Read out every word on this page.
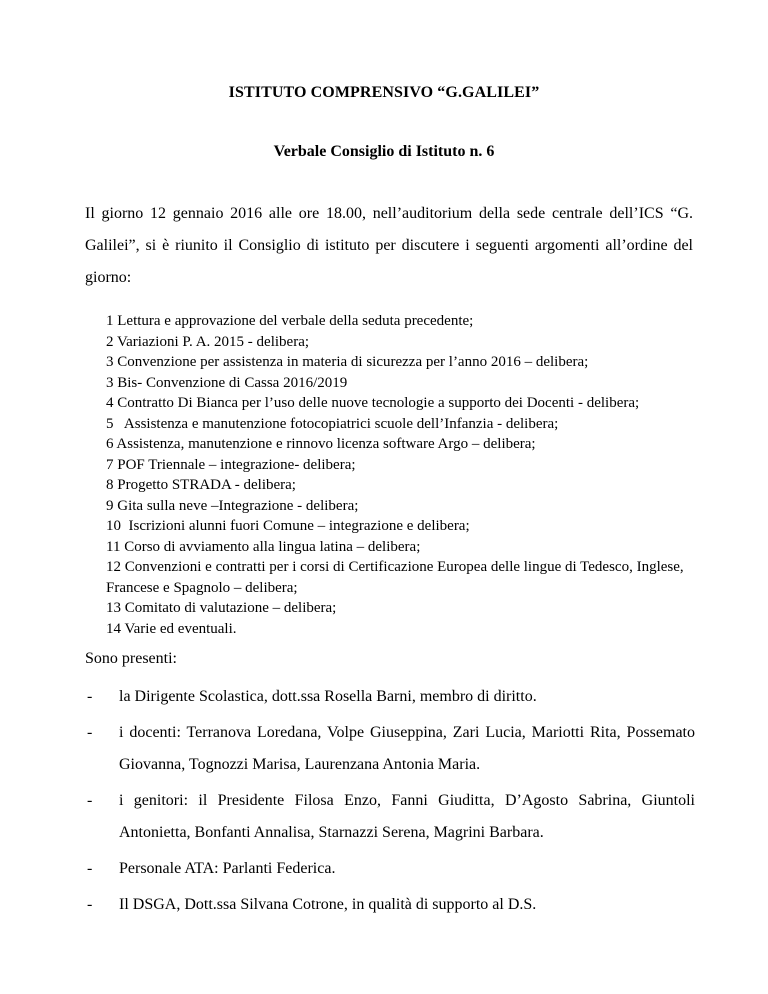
ISTITUTO COMPRENSIVO “G.GALILEI”
Verbale Consiglio di Istituto n. 6
Il giorno 12 gennaio 2016 alle ore 18.00, nell’auditorium della sede centrale dell’ICS “G. Galilei”, si è riunito il Consiglio di istituto per discutere i seguenti argomenti all’ordine del giorno:
1 Lettura e approvazione del verbale della seduta precedente;
2 Variazioni P. A. 2015 - delibera;
3 Convenzione per assistenza in materia di sicurezza per l’anno 2016 – delibera;
3 Bis- Convenzione di Cassa 2016/2019
4 Contratto Di Bianca per l’uso delle nuove tecnologie a supporto dei Docenti - delibera;
5   Assistenza e manutenzione fotocopiatrici scuole dell’Infanzia - delibera;
6 Assistenza, manutenzione e rinnovo licenza software Argo – delibera;
7 POF Triennale – integrazione- delibera;
8 Progetto STRADA - delibera;
9 Gita sulla neve –Integrazione - delibera;
10  Iscrizioni alunni fuori Comune – integrazione e delibera;
11 Corso di avviamento alla lingua latina – delibera;
12 Convenzioni e contratti per i corsi di Certificazione Europea delle lingue di Tedesco, Inglese, Francese e Spagnolo – delibera;
13 Comitato di valutazione – delibera;
14 Varie ed eventuali.
Sono presenti:
- la Dirigente Scolastica, dott.ssa Rosella Barni, membro di diritto.
- i docenti: Terranova Loredana, Volpe Giuseppina, Zari Lucia, Mariotti Rita, Possemato Giovanna, Tognozzi Marisa, Laurenzana Antonia Maria.
- i genitori: il Presidente Filosa Enzo, Fanni Giuditta, D’Agosto Sabrina, Giuntoli Antonietta, Bonfanti Annalisa, Starnazzi Serena, Magrini Barbara.
- Personale ATA: Parlanti Federica.
- Il DSGA, Dott.ssa Silvana Cotrone, in qualità di supporto al D.S.
